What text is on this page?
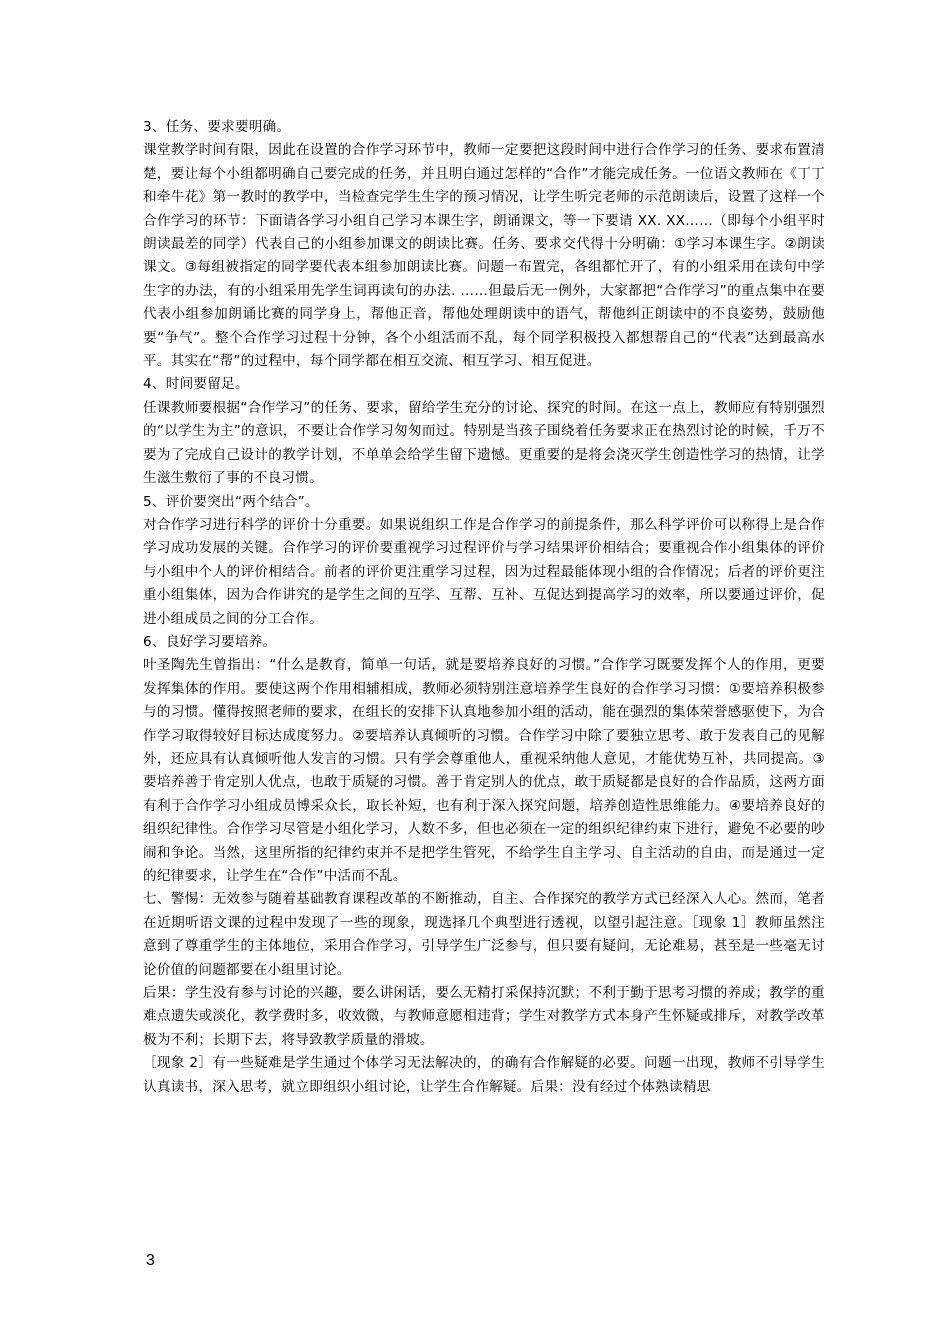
3、任务、要求要明确。

课堂教学时间有限，因此在设置的合作学习环节中，教师一定要把这段时间中进行合作学习的任务、要求布置清楚，要让每个小组都明确自己要完成的任务，并且明白通过怎样的“合作”才能完成任务。一位语文教师在《丁丁和牵牛花》第一教时的教学中，当检查完学生生字的预习情况，让学生听完老师的示范朗读后，设置了这样一个合作学习的环节：下面请各学习小组自己学习本课生字，朗诵课文，等一下要请 XX. XX……（即每个小组平时朗读最差的同学）代表自己的小组参加课文的朗读比赛。任务、要求交代得十分明确：①学习本课生字。②朗读课文。③每组被指定的同学要代表本组参加朗读比赛。问题一布置完，各组都忙开了，有的小组采用在读句中学生字的办法，有的小组采用先学生词再读句的办法. ……但最后无一例外，大家都把“合作学习”的重点集中在要代表小组参加朗诵比赛的同学身上，帮他正音，帮他处理朗读中的语气，帮他纠正朗读中的不良姿势，鼓励他要“争气”。整个合作学习过程十分钟，各个小组活而不乱，每个同学积极投入都想帮自己的“代表”达到最高水平。其实在“帮”的过程中，每个同学都在相互交流、相互学习、相互促进。

4、时间要留足。

任课教师要根据“合作学习”的任务、要求，留给学生充分的讨论、探究的时间。在这一点上，教师应有特别强烈的“以学生为主”的意识，不要让合作学习匆匆而过。特别是当孩子围绕着任务要求正在热烈讨论的时候，千万不要为了完成自己设计的教学计划，不单单会给学生留下遗憾。更重要的是将会浇灭学生创造性学习的热情，让学生滋生敷衍了事的不良习惯。

5、评价要突出“两个结合”。

对合作学习进行科学的评价十分重要。如果说组织工作是合作学习的前提条件，那么科学评价可以称得上是合作学习成功发展的关键。合作学习的评价要重视学习过程评价与学习结果评价相结合；要重视合作小组集体的评价与小组中个人的评价相结合。前者的评价更注重学习过程，因为过程最能体现小组的合作情况；后者的评价更注重小组集体，因为合作讲究的是学生之间的互学、互帮、互补、互促达到提高学习的效率，所以要通过评价，促进小组成员之间的分工合作。

6、良好学习要培养。

叶圣陶先生曾指出：“什么是教育，简单一句话，就是要培养良好的习惯。”合作学习既要发挥个人的作用，更要发挥集体的作用。要使这两个作用相辅相成，教师必须特别注意培养学生良好的合作学习习惯：①要培养积极参与的习惯。懂得按照老师的要求，在组长的安排下认真地参加小组的活动，能在强烈的集体荣誉感驱使下，为合作学习取得较好目标达成度努力。②要培养认真倾听的习惯。合作学习中除了要独立思考、敢于发表自己的见解外，还应具有认真倾听他人发言的习惯。只有学会尊重他人，重视采纳他人意见，才能优势互补，共同提高。③要培养善于肯定别人优点，也敢于质疑的习惯。善于肯定别人的优点，敢于质疑都是良好的合作品质，这两方面有利于合作学习小组成员博采众长，取长补短，也有利于深入探究问题，培养创造性思维能力。④要培养良好的组织纪律性。合作学习尽管是小组化学习，人数不多，但也必须在一定的组织纪律约束下进行，避免不必要的吵闹和争论。当然，这里所指的纪律约束并不是把学生管死，不给学生自主学习、自主活动的自由，而是通过一定的纪律要求，让学生在“合作”中活而不乱。

七、警惕：无效参与随着基础教育课程改革的不断推动，自主、合作探究的教学方式已经深入人心。然而，笔者在近期听语文课的过程中发现了一些的现象，现选择几个典型进行透视，以望引起注意。［现象 1］教师虽然注意到了尊重学生的主体地位，采用合作学习，引导学生广泛参与，但只要有疑问，无论难易，甚至是一些毫无讨论价值的问题都要在小组里讨论。

后果：学生没有参与讨论的兴趣，要么讲闲话，要么无精打采保持沉默；不利于勤于思考习惯的养成；教学的重难点遗失或淡化，教学费时多，收效微，与教师意愿相违背；学生对教学方式本身产生怀疑或排斥，对教学改革极为不利；长期下去，将导致教学质量的滑坡。

［现象 2］有一些疑难是学生通过个体学习无法解决的，的确有合作解疑的必要。问题一出现，教师不引导学生认真读书，深入思考，就立即组织小组讨论，让学生合作解疑。后果：没有经过个体熟读精思

3
